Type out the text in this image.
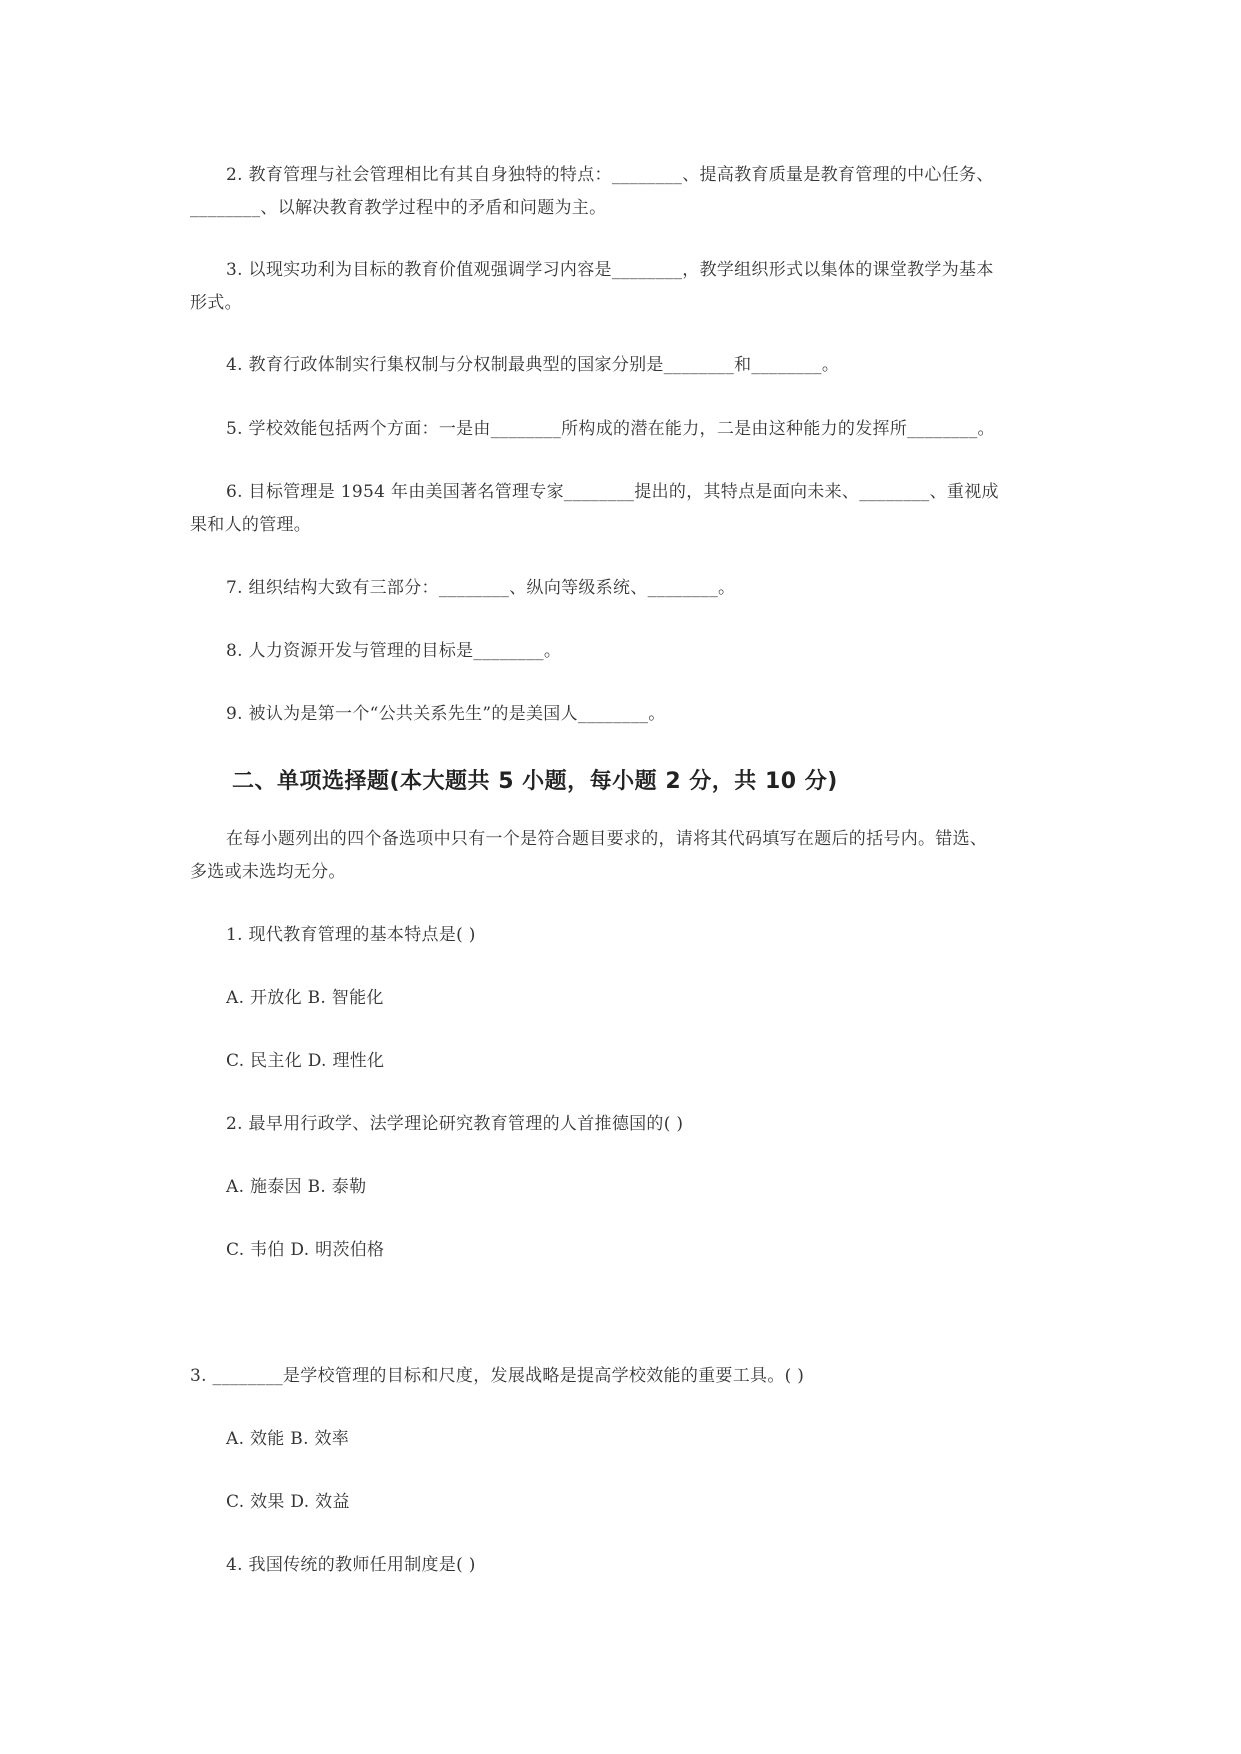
2. 教育管理与社会管理相比有其自身独特的特点：________、提高教育质量是教育管理的中心任务、
________、以解决教育教学过程中的矛盾和问题为主。
3. 以现实功利为目标的教育价值观强调学习内容是________，教学组织形式以集体的课堂教学为基本
形式。
4. 教育行政体制实行集权制与分权制最典型的国家分别是________和________。
5. 学校效能包括两个方面：一是由________所构成的潜在能力，二是由这种能力的发挥所________。
6. 目标管理是 1954 年由美国著名管理专家________提出的，其特点是面向未来、________、重视成
果和人的管理。
7. 组织结构大致有三部分：________、纵向等级系统、________。
8. 人力资源开发与管理的目标是________。
9. 被认为是第一个“公共关系先生”的是美国人________。
二、单项选择题(本大题共 5 小题，每小题 2 分，共 10 分)
在每小题列出的四个备选项中只有一个是符合题目要求的，请将其代码填写在题后的括号内。错选、
多选或未选均无分。
1. 现代教育管理的基本特点是( )
A. 开放化 B. 智能化
C. 民主化 D. 理性化
2. 最早用行政学、法学理论研究教育管理的人首推德国的( )
A. 施泰因 B. 泰勒
C. 韦伯 D. 明茨伯格
3. ________是学校管理的目标和尺度，发展战略是提高学校效能的重要工具。( )
A. 效能 B. 效率
C. 效果 D. 效益
4. 我国传统的教师任用制度是( )
